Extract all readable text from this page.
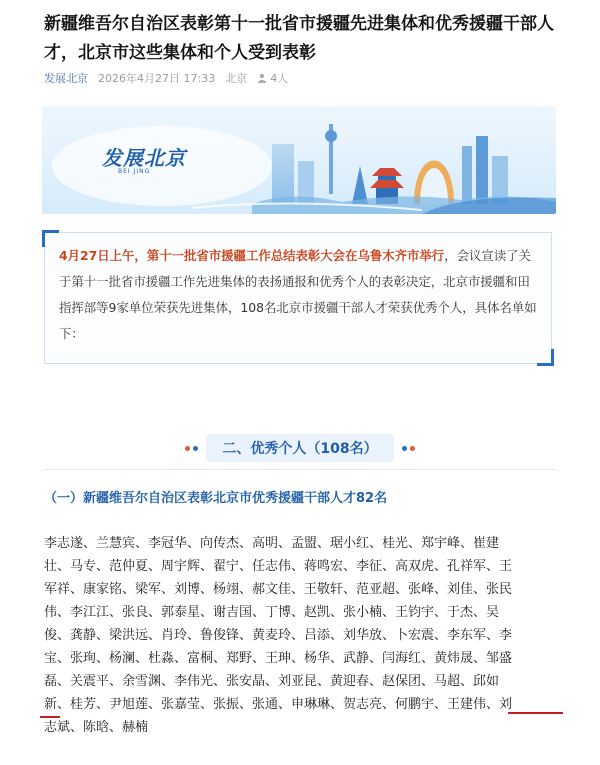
新疆维吾尔自治区表彰第十一批省市援疆先进集体和优秀援疆干部人才，北京市这些集体和个人受到表彰
发展北京 2026年4月27日 17:33 北京 4人
发展北京
BEI JING
4月27日上午，第十一批省市援疆工作总结表彰大会在乌鲁木齐市举行，会议宣读了关于第十一批省市援疆工作先进集体的表扬通报和优秀个人的表彰决定，北京市援疆和田指挥部等9家单位荣获先进集体，108名北京市援疆干部人才荣获优秀个人，具体名单如下：
二、优秀个人（108名）
（一）新疆维吾尔自治区表彰北京市优秀援疆干部人才82名
李志遂、兰慧宾、李冠华、向传杰、高明、孟盟、琚小红、桂光、郑宇峰、崔建
壮、马专、范仲夏、周宇辉、翟宁、任志伟、蒋鸣宏、李征、高双虎、孔祥军、王
军祥、康家铭、梁军、刘博、杨翊、郝文佳、王敬轩、范亚超、张峰、刘佳、张民
伟、李江江、张良、郭泰星、谢吉国、丁博、赵凯、张小楠、王钧宇、于杰、吴
俊、龚静、梁洪远、肖玲、鲁俊锋、黄麦玲、吕添、刘华放、卜宏震、李东军、李
宝、张珣、杨澜、杜淼、富桐、郑野、王珅、杨华、武静、闫海红、黄炜晟、邹盛
磊、关震平、余雪渊、李伟光、张安晶、刘亚昆、黄迎春、赵保团、马超、邱如
新、桂芳、尹旭莲、张嘉莹、张振、张通、申琳琳、贺志亮、何鹏宇、王建伟、刘
志斌、陈晗、赫楠
